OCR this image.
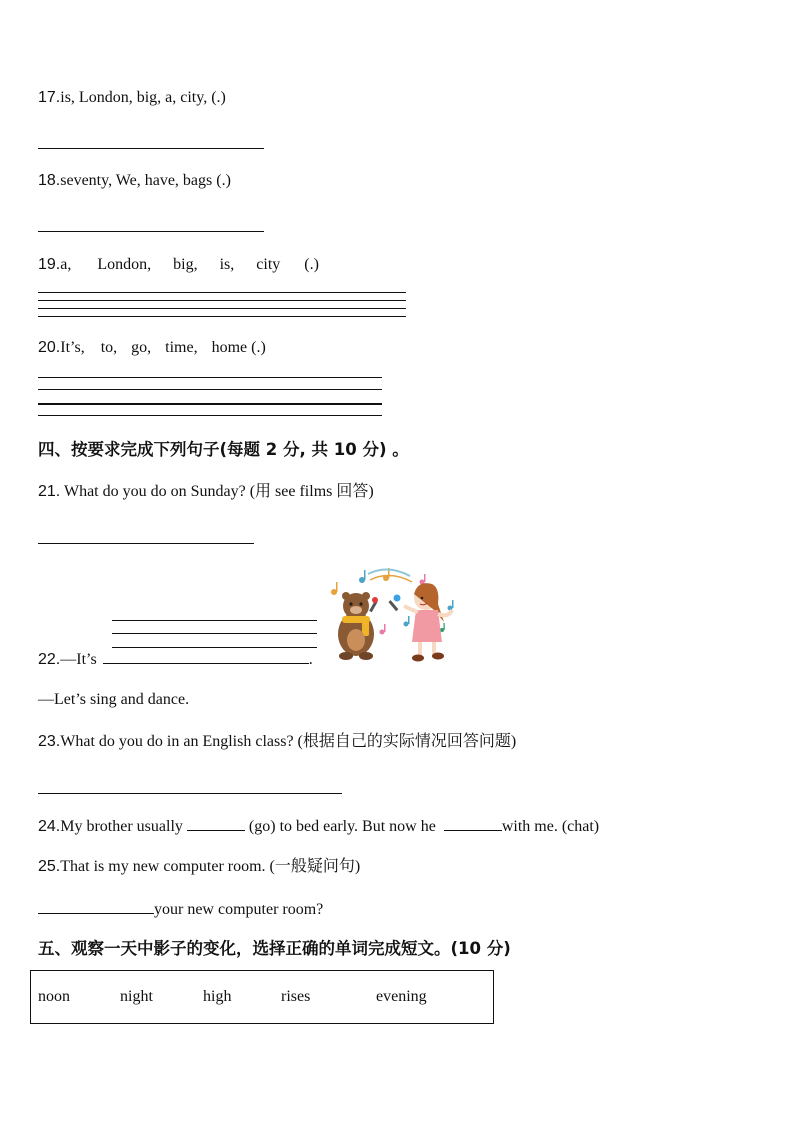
17.is, London, big, a, city, (.)
18.seventy, We, have, bags (.)
19.a, London, big, is, city (.)
20.It’s, to, go, time, home (.)
四、按要求完成下列句子(每题 2 分, 共 10 分) 。
21. What do you do on Sunday? (用 see films 回答)
22.—It’s	.
—Let’s sing and dance.
23.What do you do in an English class? (根据自己的实际情况回答问题)
24.My brother usually	(go) to bed early. But now he	with me. (chat)
25.That is my new computer room. (一般疑问句)
your new computer room?
五、观察一天中影子的变化，选择正确的单词完成短文。(10 分)
noon	night	high	rises	evening
